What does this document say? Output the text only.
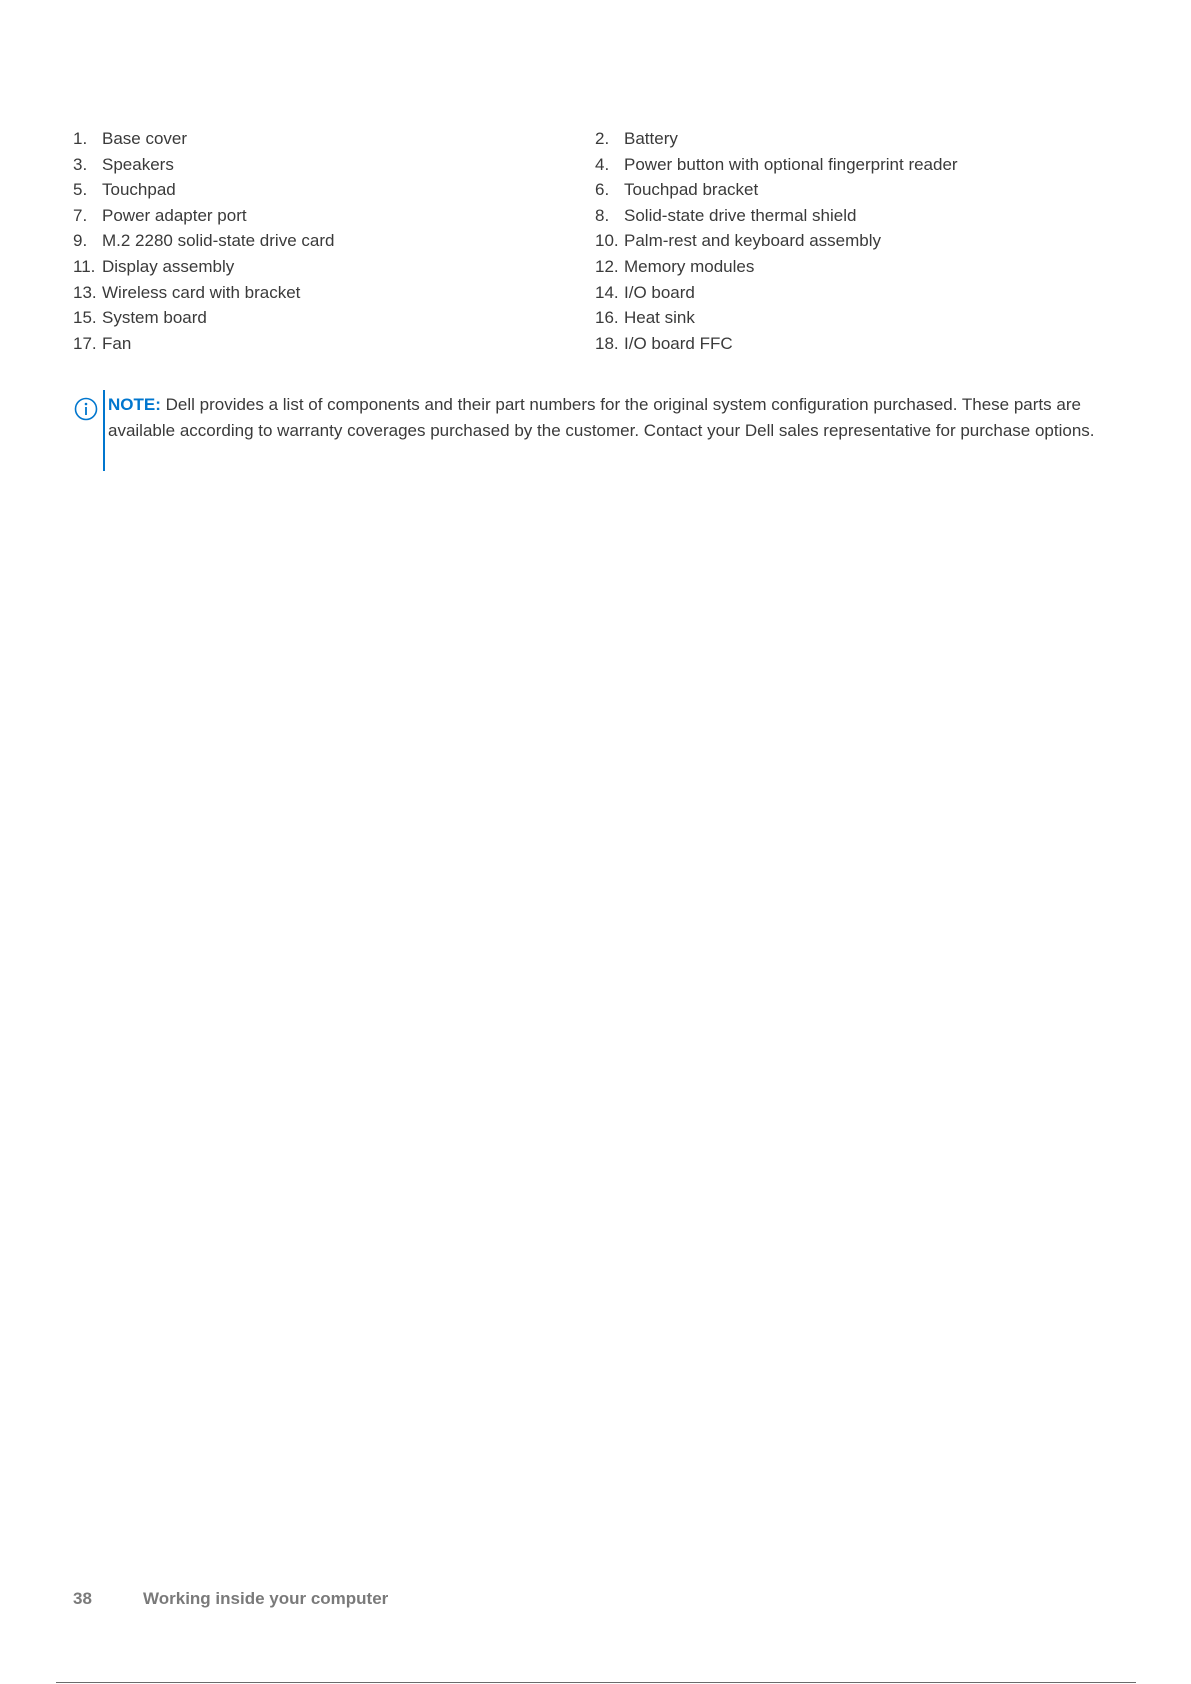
1. Base cover	2. Battery
3. Speakers	4. Power button with optional fingerprint reader
5. Touchpad	6. Touchpad bracket
7. Power adapter port	8. Solid-state drive thermal shield
9. M.2 2280 solid-state drive card	10. Palm-rest and keyboard assembly
11. Display assembly	12. Memory modules
13. Wireless card with bracket	14. I/O board
15. System board	16. Heat sink
17. Fan	18. I/O board FFC
NOTE: Dell provides a list of components and their part numbers for the original system configuration purchased. These parts are available according to warranty coverages purchased by the customer. Contact your Dell sales representative for purchase options.
38	Working inside your computer
